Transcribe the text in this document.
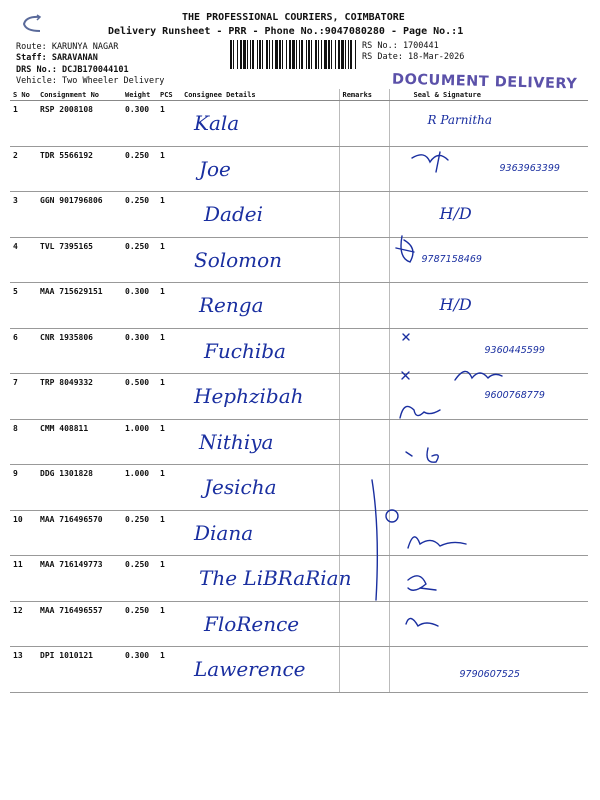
THE PROFESSIONAL COURIERS, COIMBATORE
Delivery Runsheet - PRR - Phone No.:9047080280 - Page No.:1
Route: KARUNYA NAGAR
Staff: SARAVANAN
DRS No.: DCJB170044101
Vehicle: Two Wheeler Delivery
RS No.: 1700441
RS Date: 18-Mar-2026
DOCUMENT DELIVERY
S No	Consignment No	Weight	PCS	Consignee Details	Remarks	Seal & Signature
1	RSP 2008108	0.300	1	Kala		R Parnitha

2	TDR 5566192	0.250	1	Joe		9363963399

3	GGN 901796806	0.250	1	Dadei		H/D

4	TVL 7395165	0.250	1	Solomon		9787158469

5	MAA 715629151	0.300	1	Renga		H/D

6	CNR 1935806	0.300	1	Fuchiba		9360445599

7	TRP 8049332	0.500	1	Hephzibah		9600768779

8	CMM 408811	1.000	1	Nithiya		
9	DDG 1301828	1.000	1	Jesicha		
10	MAA 716496570	0.250	1	Diana		
11	MAA 716149773	0.250	1	The LiBRaRian		
12	MAA 716496557	0.250	1	FloRence		
13	DPI 1010121	0.300	1	Lawerence		9790607525
